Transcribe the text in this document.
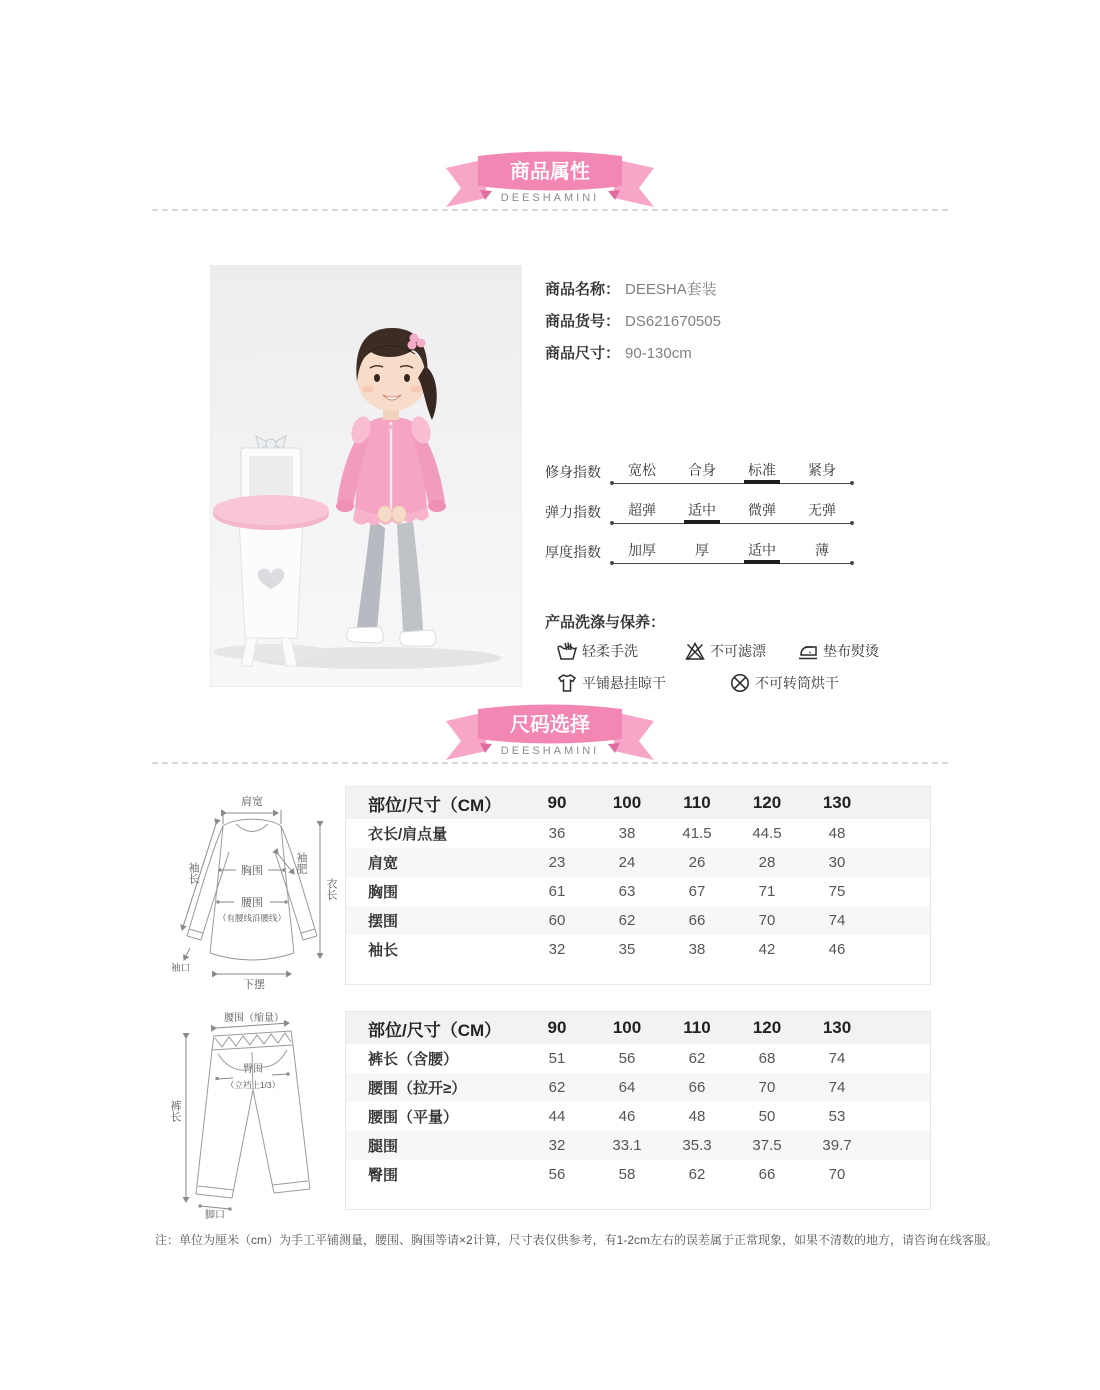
商品属性
DEESHAMINI
商品名称： DEESHA套装
商品货号： DS621670505
商品尺寸： 90-130cm
修身指数	宽松	合身	标准	紧身
弹力指数	超弹	适中	微弹	无弹
厚度指数	加厚	厚	适中	薄
产品洗涤与保养：
轻柔手洗	不可滤漂	垫布熨烫
平铺悬挂晾干	不可转筒烘干
尺码选择
DEESHAMINI
肩宽
袖长	胸围	袖肥
腰围
（有腰线沿腰线）
衣长
袖口
下摆
腰围（缩量）
臀围
（立裆上1/3）
裤长
脚口
部位/尺寸（CM）	90	100	110	120	130
衣长/肩点量	36	38	41.5	44.5	48
肩宽	23	24	26	28	30
胸围	61	63	67	71	75
摆围	60	62	66	70	74
袖长	32	35	38	42	46
部位/尺寸（CM）	90	100	110	120	130
裤长（含腰）	51	56	62	68	74
腰围（拉开≥）	62	64	66	70	74
腰围（平量）	44	46	48	50	53
腿围	32	33.1	35.3	37.5	39.7
臀围	56	58	62	66	70
注：单位为厘米（cm）为手工平铺测量，腰围、胸围等请×2计算，尺寸表仅供参考，有1-2cm左右的误差属于正常现象，如果不清数的地方，请咨询在线客服。
